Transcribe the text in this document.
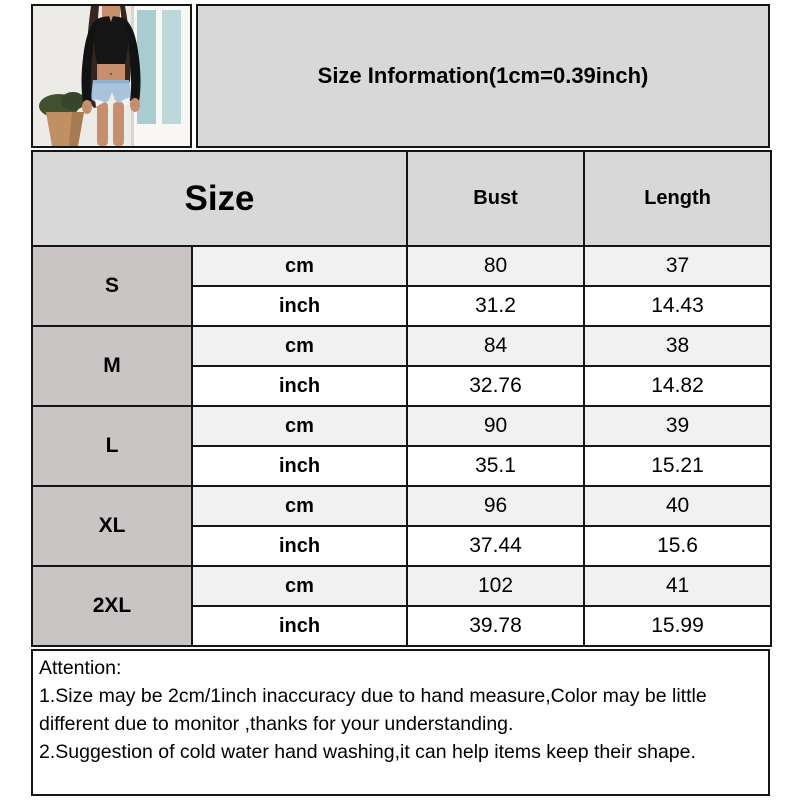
Size Information(1cm=0.39inch)
Size		Bust	Length
S	cm	80	37
	inch	31.2	14.43
M	cm	84	38
	inch	32.76	14.82
L	cm	90	39
	inch	35.1	15.21
XL	cm	96	40
	inch	37.44	15.6
2XL	cm	102	41
	inch	39.78	15.99
Attention:
1.Size may be 2cm/1inch inaccuracy due to hand measure,Color may be little different due to monitor ,thanks for your understanding.
2.Suggestion of cold water hand washing,it can help items keep their shape.
